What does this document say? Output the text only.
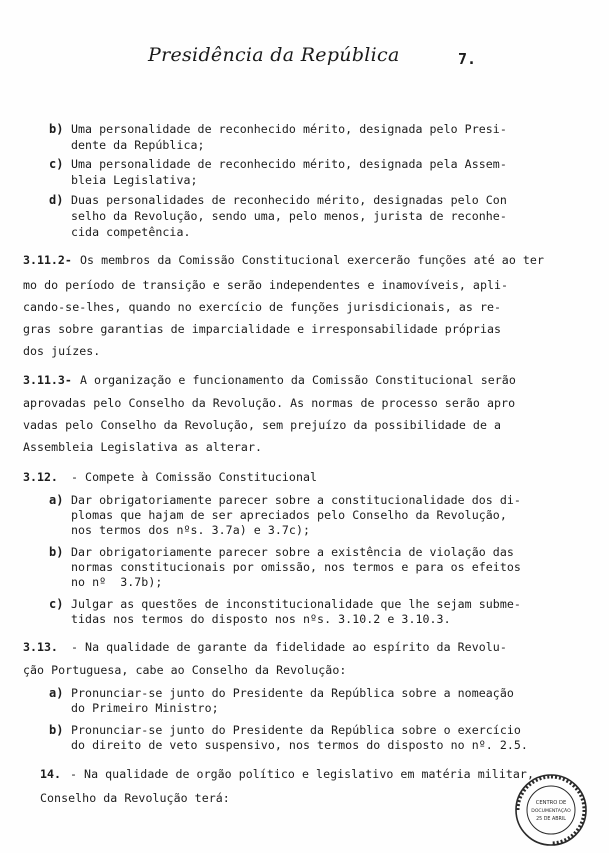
Presidência da República	7.
b) Uma personalidade de reconhecido mérito, designada pelo Presi-
dente da República;
c) Uma personalidade de reconhecido mérito, designada pela Assem-
bleia Legislativa;
d) Duas personalidades de reconhecido mérito, designadas pelo Con
selho da Revolução, sendo uma, pelo menos, jurista de reconhe-
cida competência.
3.11.2- Os membros da Comissão Constitucional exercerão funções até ao ter
mo do período de transição e serão independentes e inamovíveis, apli-
cando-se-lhes, quando no exercício de funções jurisdicionais, as re-
gras sobre garantias de imparcialidade e irresponsabilidade próprias
dos juízes.
3.11.3- A organização e funcionamento da Comissão Constitucional serão
aprovadas pelo Conselho da Revolução. As normas de processo serão apro
vadas pelo Conselho da Revolução, sem prejuízo da possibilidade de a
Assembleia Legislativa as alterar.
3.12. - Compete à Comissão Constitucional
a) Dar obrigatoriamente parecer sobre a constitucionalidade dos di-
plomas que hajam de ser apreciados pelo Conselho da Revolução,
nos termos dos nºs. 3.7a) e 3.7c);
b) Dar obrigatoriamente parecer sobre a existência de violação das
normas constitucionais por omissão, nos termos e para os efeitos
no nº  3.7b);
c) Julgar as questões de inconstitucionalidade que lhe sejam subme-
tidas nos termos do disposto nos nºs. 3.10.2 e 3.10.3.
3.13. - Na qualidade de garante da fidelidade ao espírito da Revolu-
ção Portuguesa, cabe ao Conselho da Revolução:
a) Pronunciar-se junto do Presidente da República sobre a nomeação
do Primeiro Ministro;
b) Pronunciar-se junto do Presidente da República sobre o exercício
do direito de veto suspensivo, nos termos do disposto no nº. 2.5.
14. - Na qualidade de orgão político e legislativo em matéria militar,
Conselho da Revolução terá:	CENTRO DE
DOCUMENTAÇÃO
25 DE ABRIL
